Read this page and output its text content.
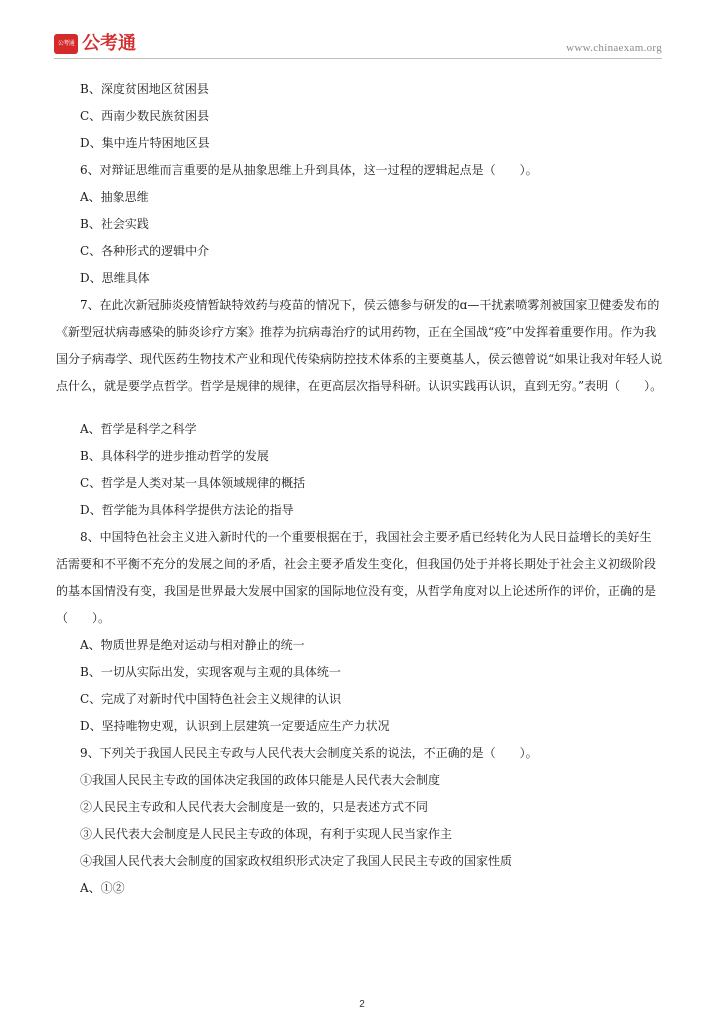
公考通 公考通	www.chinaexam.org
B、深度贫困地区贫困县
C、西南少数民族贫困县
D、集中连片特困地区县
6、对辩证思维而言重要的是从抽象思维上升到具体，这一过程的逻辑起点是（　　）。
A、抽象思维
B、社会实践
C、各种形式的逻辑中介
D、思维具体
7、在此次新冠肺炎疫情暂缺特效药与疫苗的情况下，侯云德参与研发的ɑ—干扰素喷雾剂被国家卫健委发布的
《新型冠状病毒感染的肺炎诊疗方案》推荐为抗病毒治疗的试用药物，正在全国战“疫”中发挥着重要作用。作为我
国分子病毒学、现代医药生物技术产业和现代传染病防控技术体系的主要奠基人，侯云德曾说“如果让我对年轻人说
点什么，就是要学点哲学。哲学是规律的规律，在更高层次指导科研。认识实践再认识，直到无穷。”表明（　　）。
A、哲学是科学之科学
B、具体科学的进步推动哲学的发展
C、哲学是人类对某一具体领域规律的概括
D、哲学能为具体科学提供方法论的指导
8、中国特色社会主义进入新时代的一个重要根据在于，我国社会主要矛盾已经转化为人民日益增长的美好生
活需要和不平衡不充分的发展之间的矛盾，社会主要矛盾发生变化，但我国仍处于并将长期处于社会主义初级阶段
的基本国情没有变，我国是世界最大发展中国家的国际地位没有变，从哲学角度对以上论述所作的评价，正确的是
（　　）。
A、物质世界是绝对运动与相对静止的统一
B、一切从实际出发，实现客观与主观的具体统一
C、完成了对新时代中国特色社会主义规律的认识
D、坚持唯物史观，认识到上层建筑一定要适应生产力状况
9、下列关于我国人民民主专政与人民代表大会制度关系的说法，不正确的是（　　）。
①我国人民民主专政的国体决定我国的政体只能是人民代表大会制度
②人民民主专政和人民代表大会制度是一致的，只是表述方式不同
③人民代表大会制度是人民民主专政的体现，有利于实现人民当家作主
④我国人民代表大会制度的国家政权组织形式决定了我国人民民主专政的国家性质
A、①②
2
